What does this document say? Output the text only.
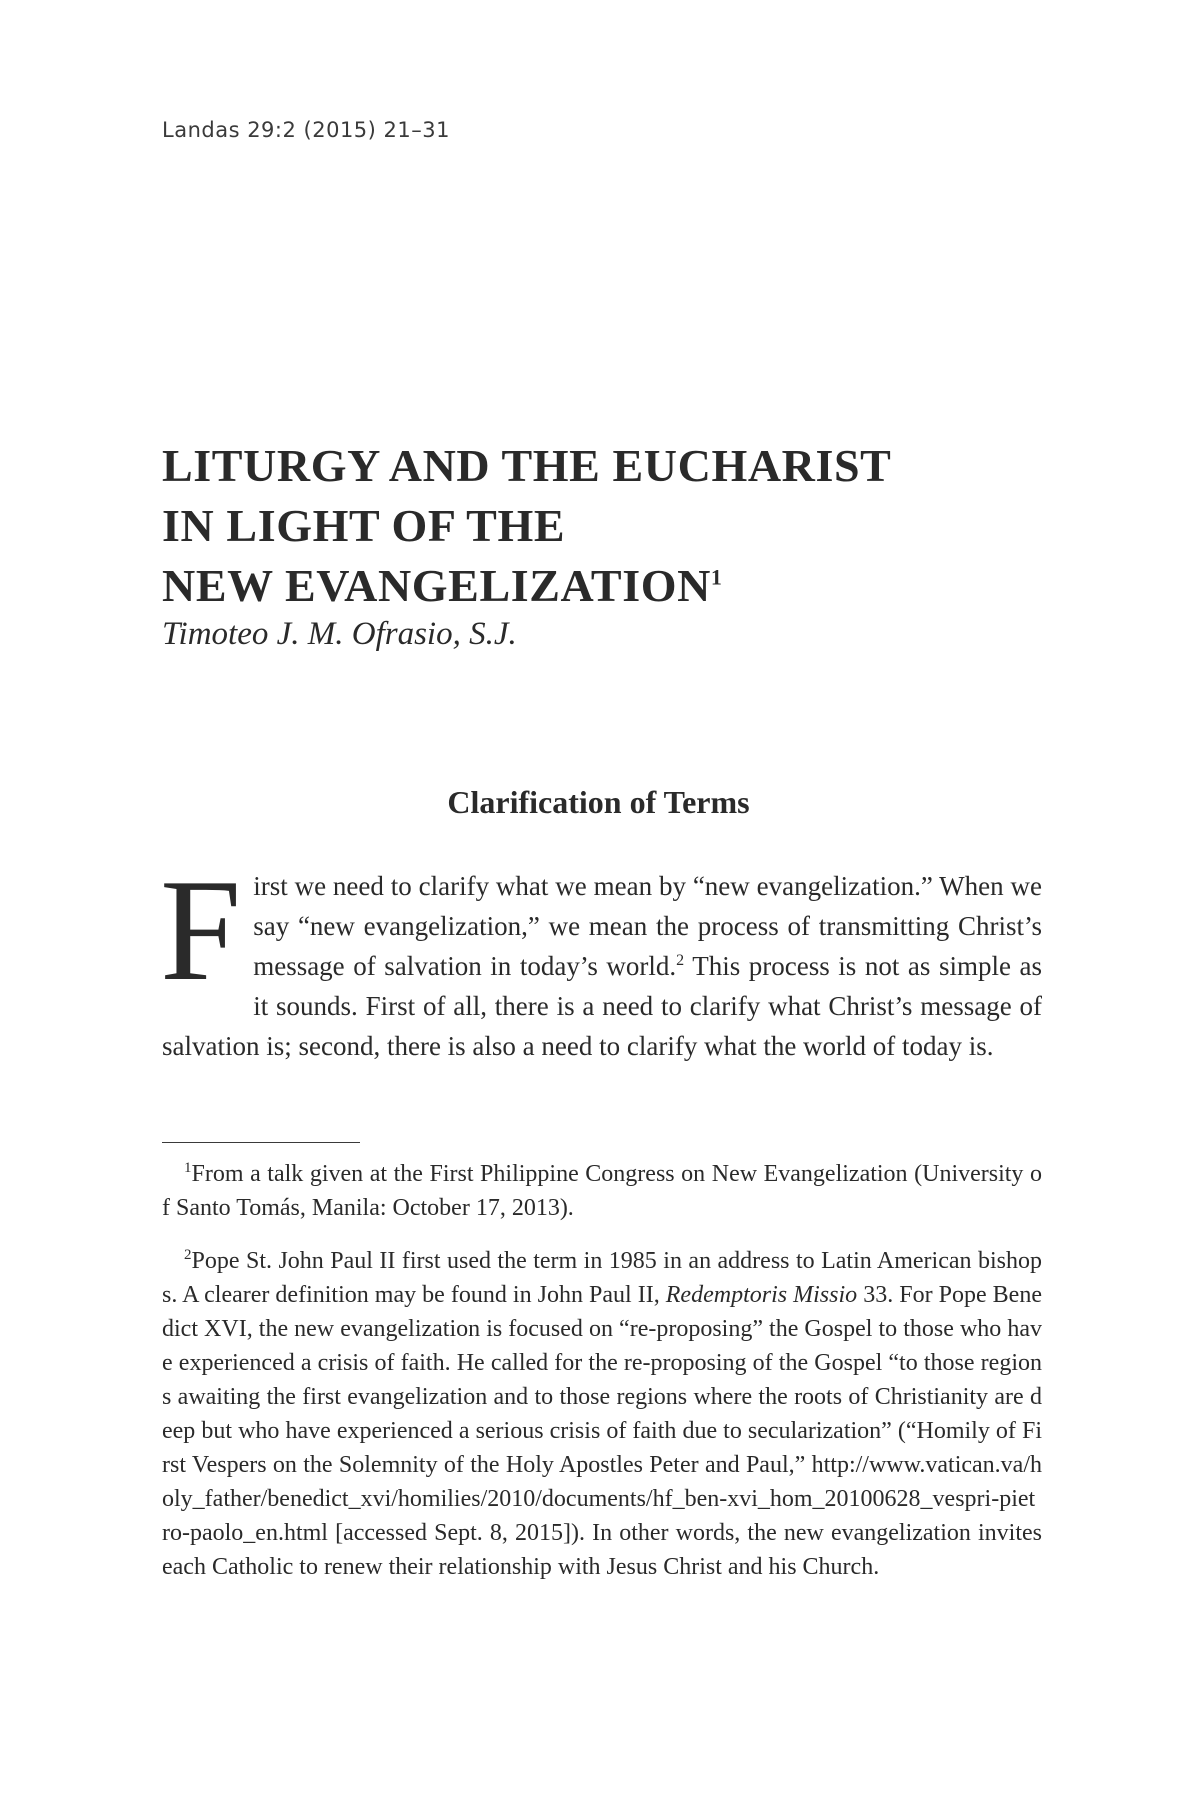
Landas 29:2 (2015) 21–31
LITURGY AND THE EUCHARIST
IN LIGHT OF THE
NEW EVANGELIZATION$^1$
Timoteo J. M. Ofrasio, S.J.
Clarification of Terms
First we need to clarify what we mean by “new evangelization.” When we say “new evangelization,” we mean the process of transmitting Christ’s message of salvation in today’s world.$^2$ This process is not as simple as it sounds. First of all, there is a need to clarify what Christ’s message of salvation is; second, there is also a need to clarify what the world of today is.

$^1$From a talk given at the First Philippine Congress on New Evangelization (University of Santo Tomás, Manila: October 17, 2013).

$^2$Pope St. John Paul II first used the term in 1985 in an address to Latin American bishops. A clearer definition may be found in John Paul II, Redemptoris Missio 33. For Pope Benedict XVI, the new evangelization is focused on “re-proposing” the Gospel to those who have experienced a crisis of faith. He called for the re-proposing of the Gospel “to those regions awaiting the first evangelization and to those regions where the roots of Christianity are deep but who have experienced a serious crisis of faith due to secularization” (“Homily of First Vespers on the Solemnity of the Holy Apostles Peter and Paul,” http://www.vatican.va/holy_father/benedict_xvi/homilies/2010/documents/hf_ben-xvi_hom_20100628_vespri-pietro-paolo_en.html [accessed Sept. 8, 2015]). In other words, the new evangelization invites each Catholic to renew their relationship with Jesus Christ and his Church.
